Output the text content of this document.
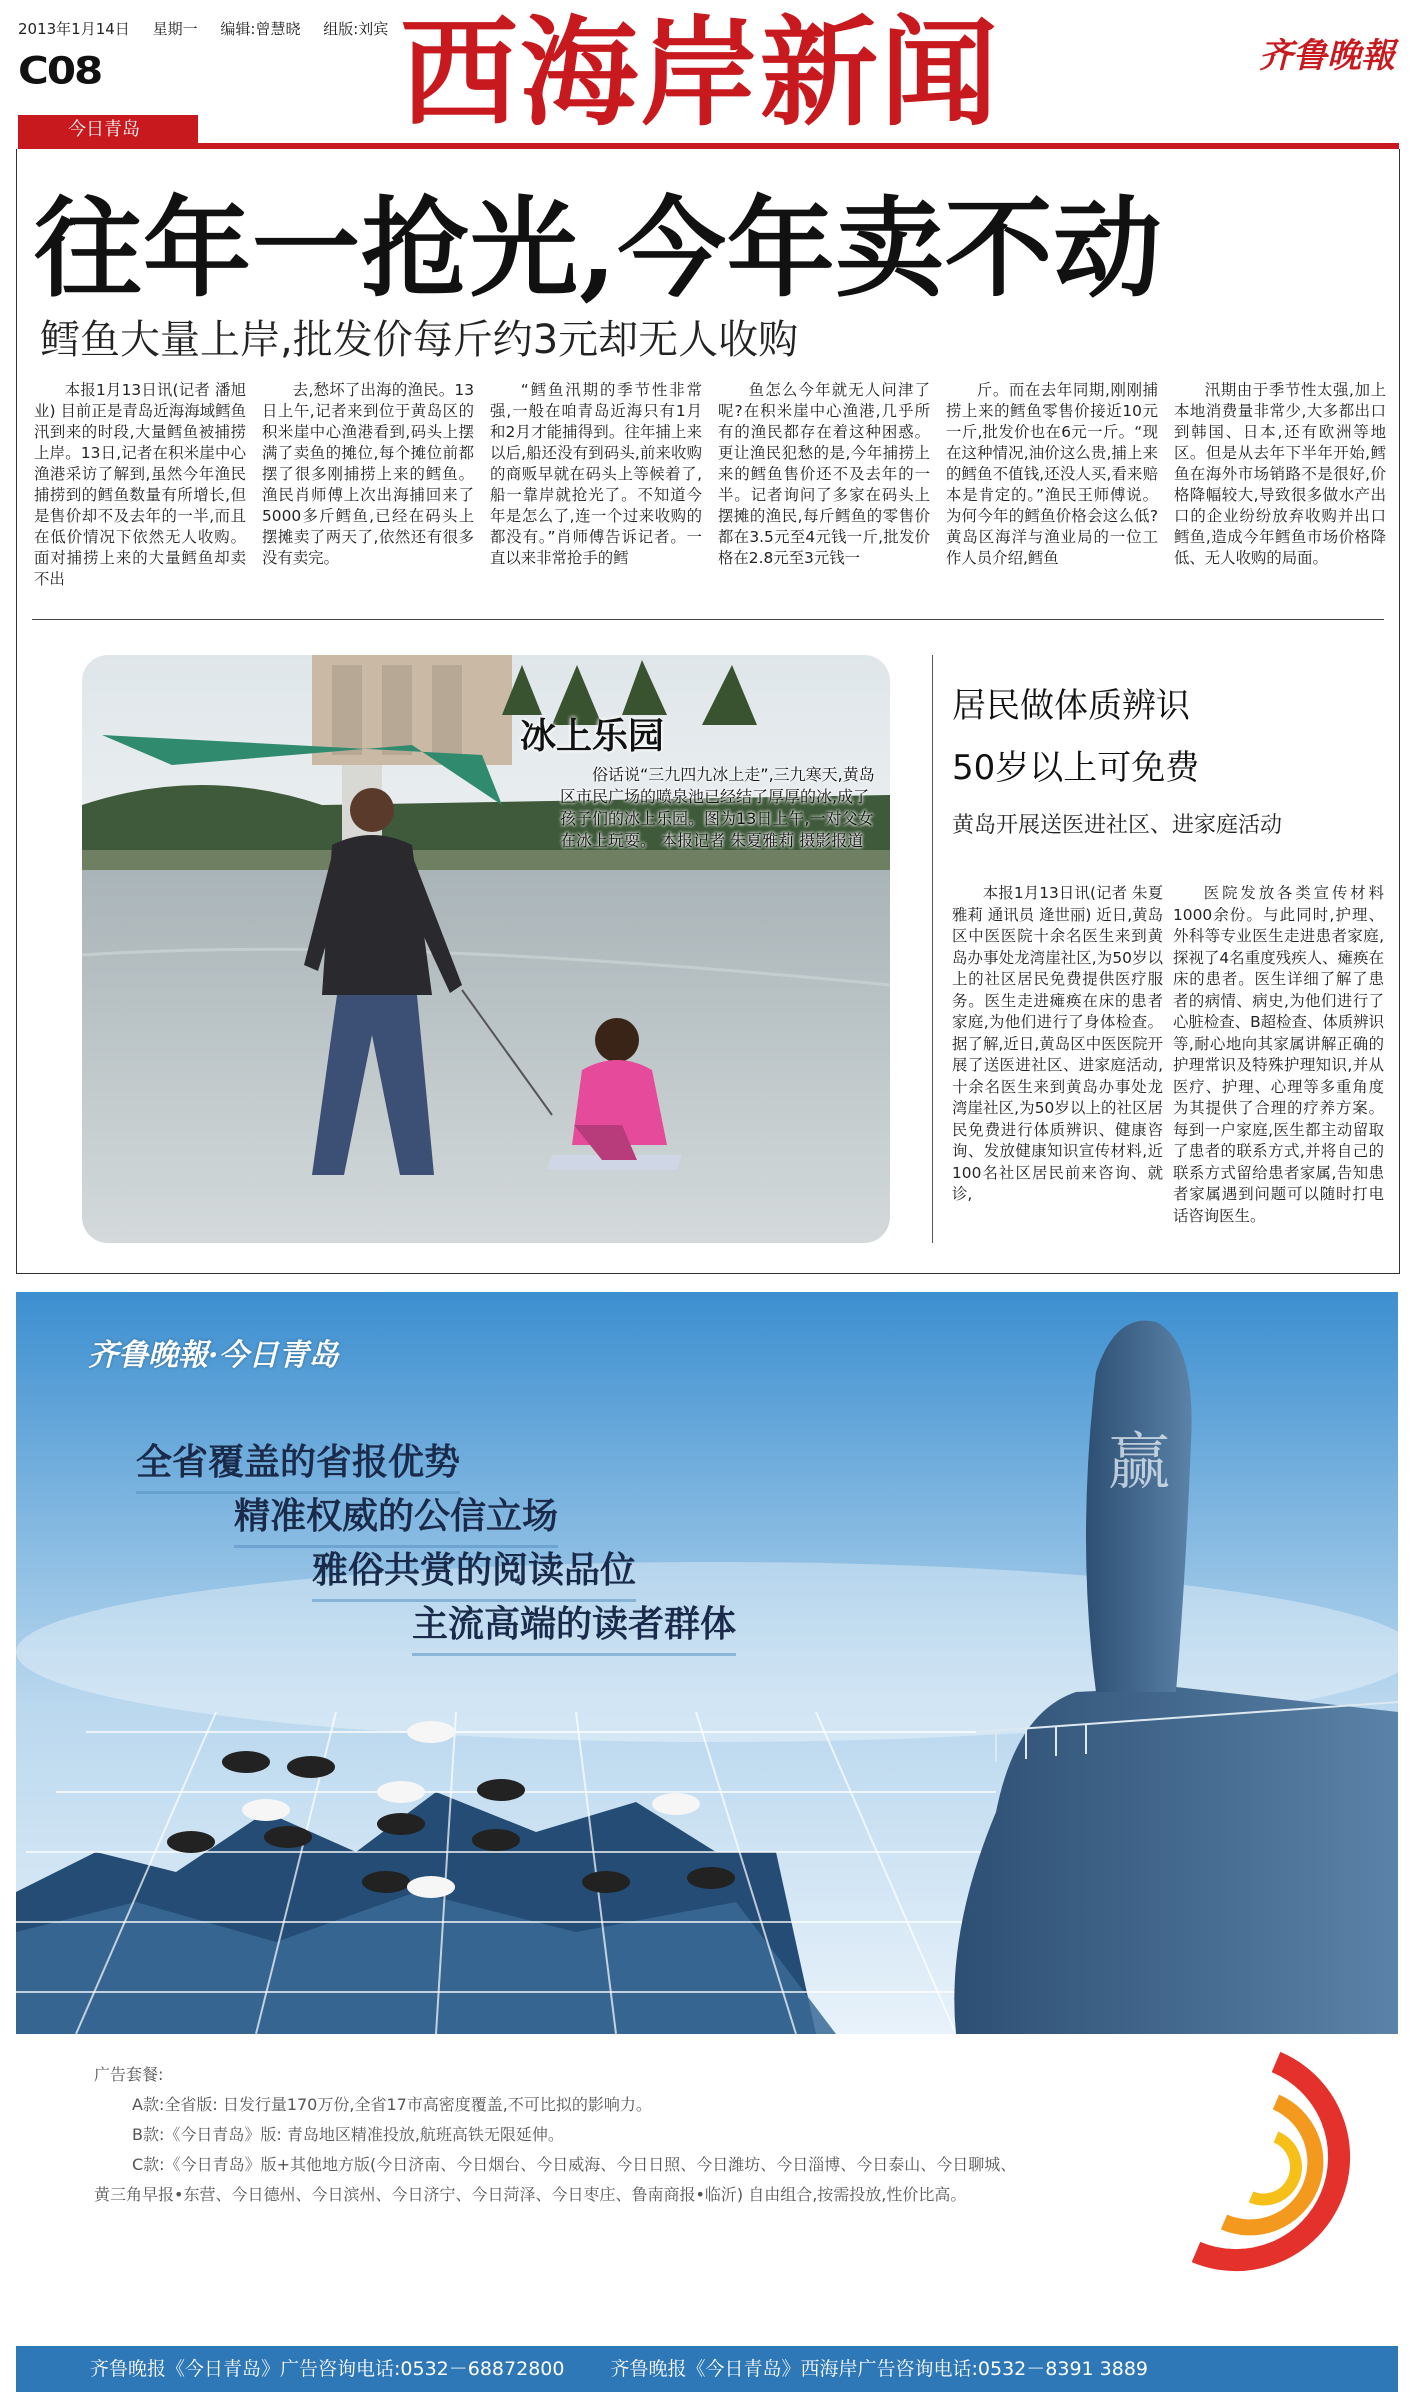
2013年1月14日 星期一 编辑:曾慧晓 组版:刘宾
C08
今日青岛	西海岸新闻	齐鲁晚報
往年一抢光,今年卖不动
鳕鱼大量上岸,批发价每斤约3元却无人收购

本报1月13日讯(记者 潘旭业) 目前正是青岛近海海域鳕鱼汛到来的时段,大量鳕鱼被捕捞上岸。13日,记者在积米崖中心渔港采访了解到,虽然今年渔民捕捞到的鳕鱼数量有所增长,但是售价却不及去年的一半,而且在低价情况下依然无人收购。面对捕捞上来的大量鳕鱼却卖不出

去,愁坏了出海的渔民。13日上午,记者来到位于黄岛区的积米崖中心渔港看到,码头上摆满了卖鱼的摊位,每个摊位前都摆了很多刚捕捞上来的鳕鱼。渔民肖师傅上次出海捕回来了5000多斤鳕鱼,已经在码头上摆摊卖了两天了,依然还有很多没有卖完。

“鳕鱼汛期的季节性非常强,一般在咱青岛近海只有1月和2月才能捕得到。往年捕上来以后,船还没有到码头,前来收购的商贩早就在码头上等候着了,船一靠岸就抢光了。不知道今年是怎么了,连一个过来收购的都没有。”肖师傅告诉记者。一直以来非常抢手的鳕

鱼怎么今年就无人问津了呢?在积米崖中心渔港,几乎所有的渔民都存在着这种困惑。更让渔民犯愁的是,今年捕捞上来的鳕鱼售价还不及去年的一半。记者询问了多家在码头上摆摊的渔民,每斤鳕鱼的零售价都在3.5元至4元钱一斤,批发价格在2.8元至3元钱一

斤。而在去年同期,刚刚捕捞上来的鳕鱼零售价接近10元一斤,批发价也在6元一斤。“现在这种情况,油价这么贵,捕上来的鳕鱼不值钱,还没人买,看来赔本是肯定的。”渔民王师傅说。为何今年的鳕鱼价格会这么低?黄岛区海洋与渔业局的一位工作人员介绍,鳕鱼

汛期由于季节性太强,加上本地消费量非常少,大多都出口到韩国、日本,还有欧洲等地区。但是从去年下半年开始,鳕鱼在海外市场销路不是很好,价格降幅较大,导致很多做水产出口的企业纷纷放弃收购并出口鳕鱼,造成今年鳕鱼市场价格降低、无人收购的局面。

冰上乐园

俗话说“三九四九冰上走”,三九寒天,黄岛区市民广场的喷泉池已经结了厚厚的冰,成了孩子们的冰上乐园。图为13日上午,一对父女在冰上玩耍。 本报记者 朱夏雅莉 摄影报道

居民做体质辨识
50岁以上可免费
黄岛开展送医进社区、进家庭活动

本报1月13日讯(记者 朱夏雅莉 通讯员 逄世丽) 近日,黄岛区中医医院十余名医生来到黄岛办事处龙湾崖社区,为50岁以上的社区居民免费提供医疗服务。医生走进瘫痪在床的患者家庭,为他们进行了身体检查。据了解,近日,黄岛区中医医院开展了送医进社区、进家庭活动,十余名医生来到黄岛办事处龙湾崖社区,为50岁以上的社区居民免费进行体质辨识、健康咨询、发放健康知识宣传材料,近100名社区居民前来咨询、就诊,

医院发放各类宣传材料1000余份。与此同时,护理、外科等专业医生走进患者家庭,探视了4名重度残疾人、瘫痪在床的患者。医生详细了解了患者的病情、病史,为他们进行了心脏检查、B超检查、体质辨识等,耐心地向其家属讲解正确的护理常识及特殊护理知识,并从医疗、护理、心理等多重角度为其提供了合理的疗养方案。每到一户家庭,医生都主动留取了患者的联系方式,并将自己的联系方式留给患者家属,告知患者家属遇到问题可以随时打电话咨询医生。

齐鲁晚報·今日青岛
全省覆盖的省报优势
精准权威的公信立场
雅俗共赏的阅读品位
主流高端的读者群体
赢
广告套餐:
A款:全省版: 日发行量170万份,全省17市高密度覆盖,不可比拟的影响力。
B款:《今日青岛》版: 青岛地区精准投放,航班高铁无限延伸。
C款:《今日青岛》版+其他地方版(今日济南、今日烟台、今日威海、今日日照、今日潍坊、今日淄博、今日泰山、今日聊城、
黄三角早报•东营、今日德州、今日滨州、今日济宁、今日菏泽、今日枣庄、鲁南商报•临沂) 自由组合,按需投放,性价比高。
齐鲁晚报《今日青岛》广告咨询电话:0532－68872800 齐鲁晚报《今日青岛》西海岸广告咨询电话:0532－8391 3889
